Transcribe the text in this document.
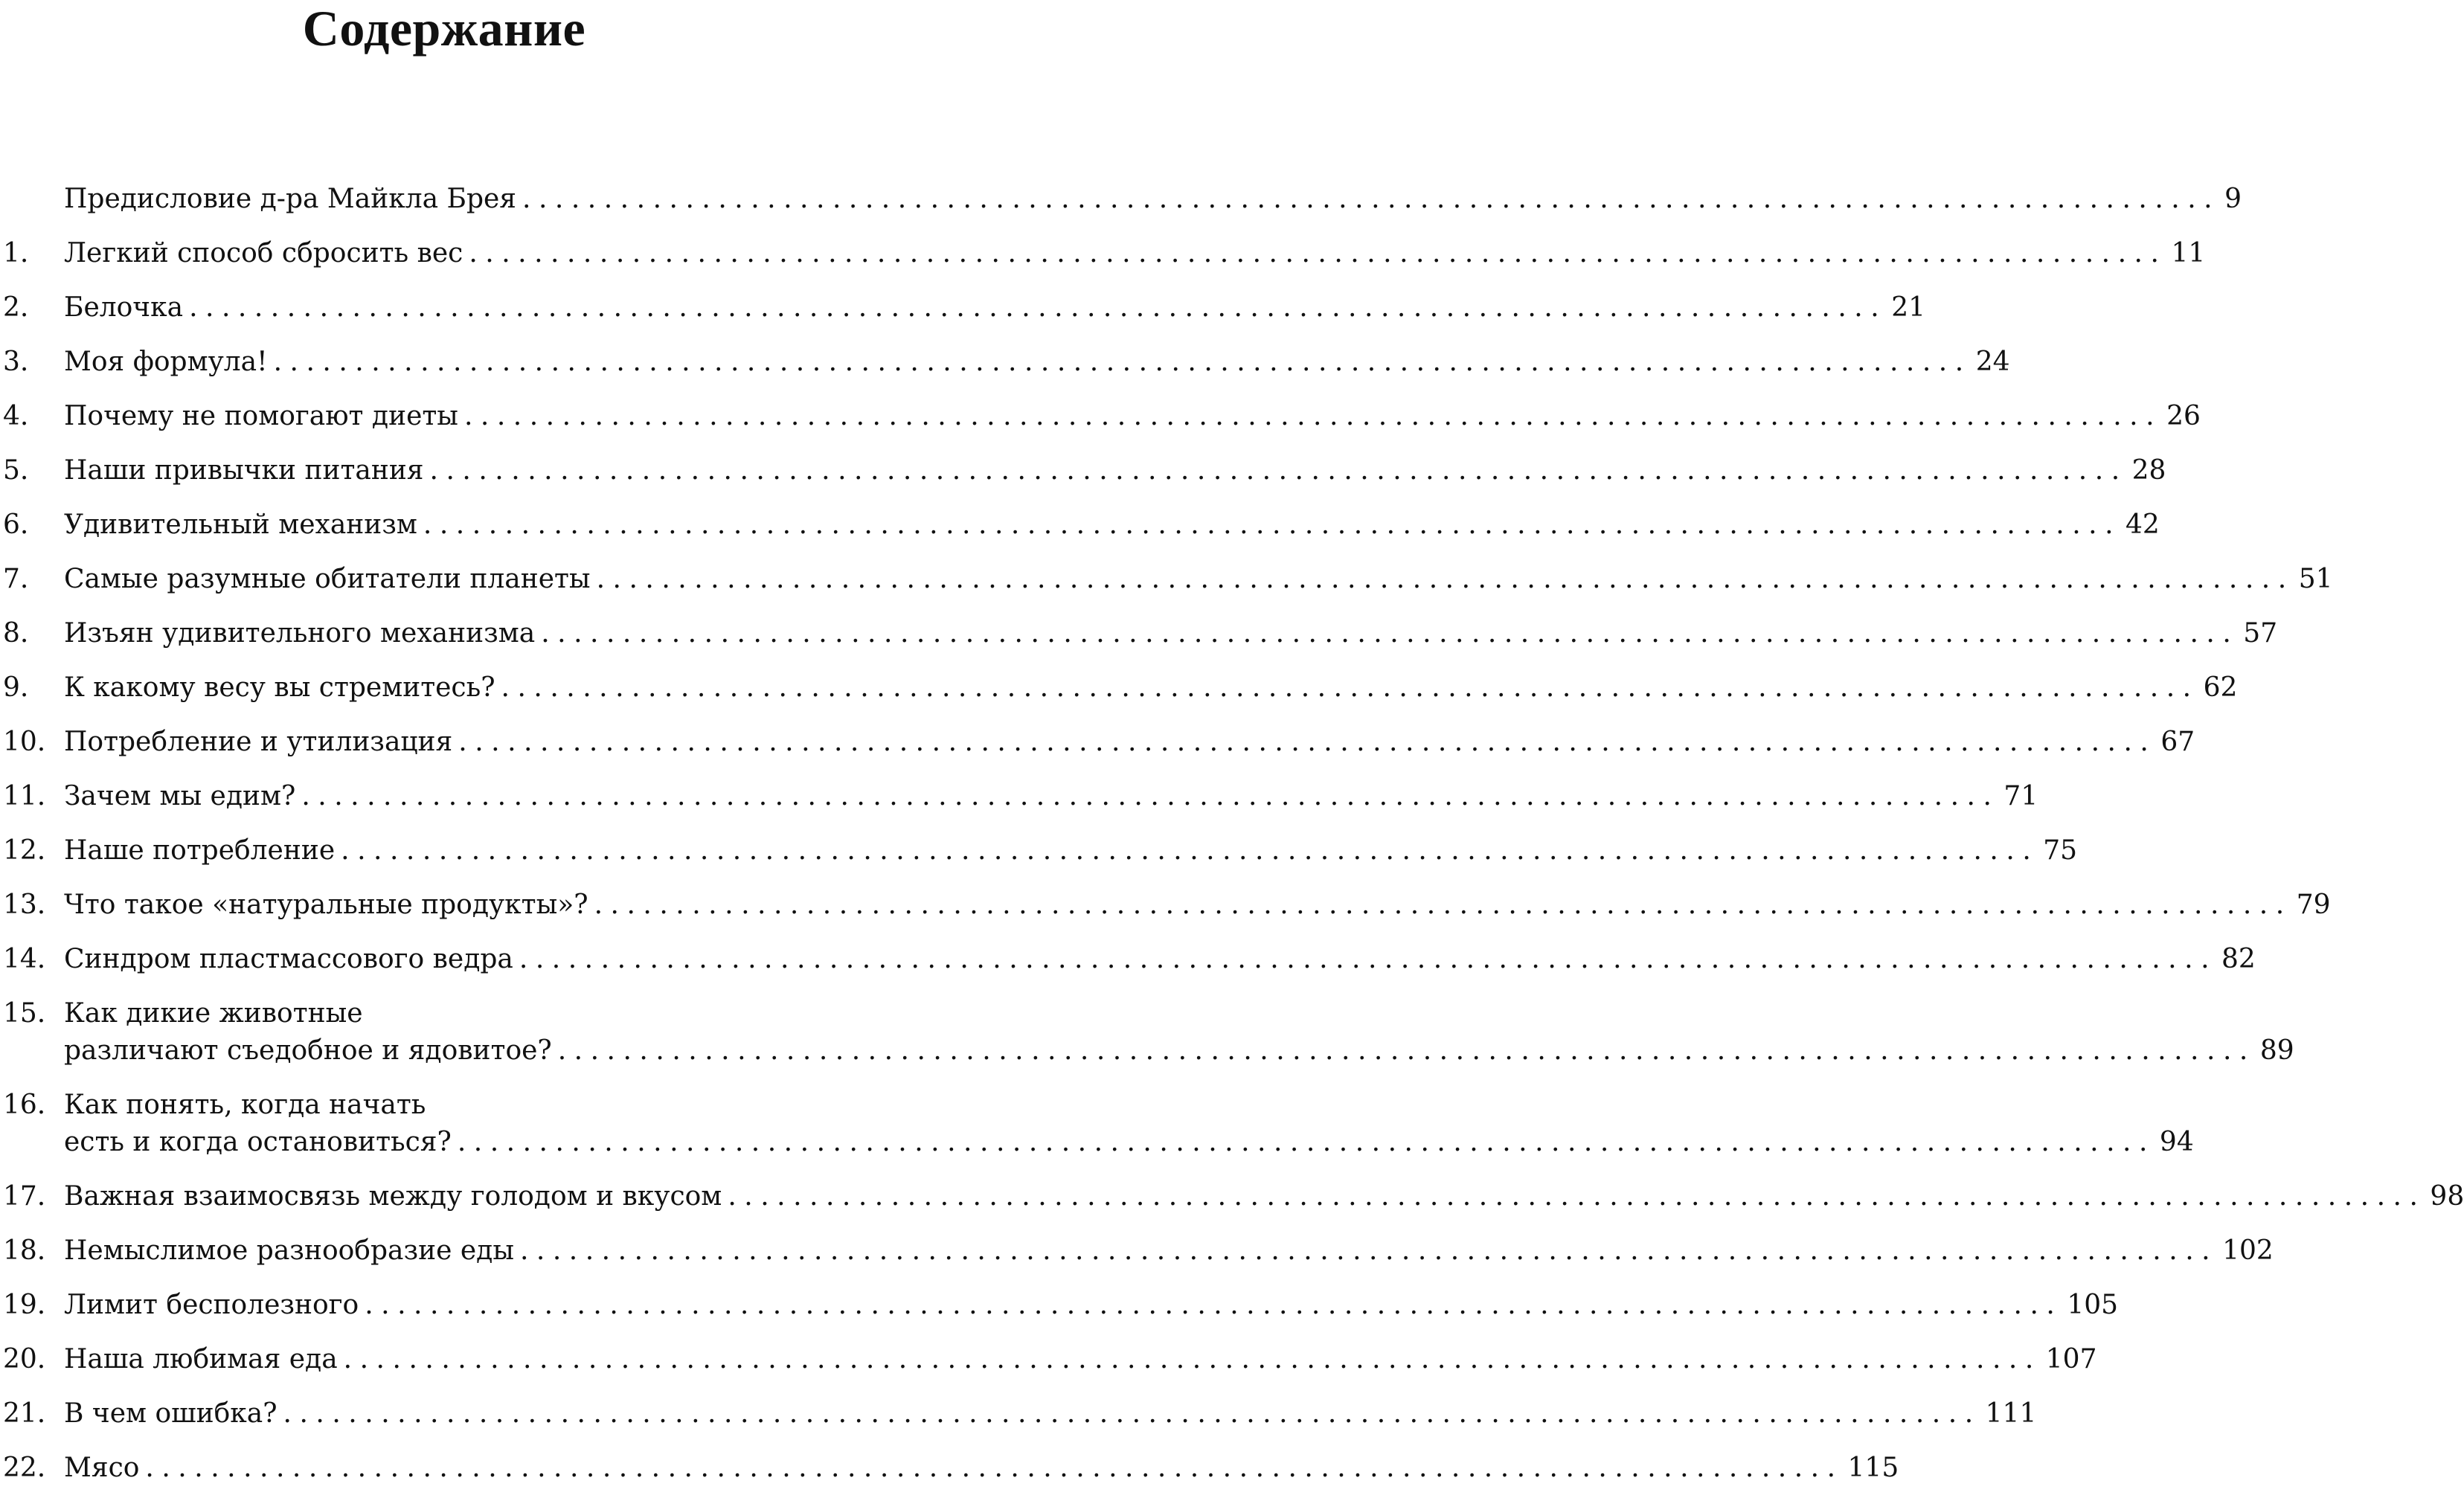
Содержание
Предисловие д-ра Майкла Брея ........................................................................................................ 9
1.	Легкий способ сбросить вес ........................................................................................................ 11
2.	Белочка ........................................................................................................ 21
3.	Моя формула! ........................................................................................................ 24
4.	Почему не помогают диеты ........................................................................................................ 26
5.	Наши привычки питания ........................................................................................................ 28
6.	Удивительный механизм ........................................................................................................ 42
7.	Самые разумные обитатели планеты ........................................................................................................ 51
8.	Изъян удивительного механизма ........................................................................................................ 57
9.	К какому весу вы стремитесь? ........................................................................................................ 62
10. Потребление и утилизация ........................................................................................................ 67
11. Зачем мы едим? ........................................................................................................ 71
12. Наше потребление ........................................................................................................ 75
13. Что такое «натуральные продукты»? ........................................................................................................ 79
14. Синдром пластмассового ведра ........................................................................................................ 82
15. Как дикие животные
различают съедобное и ядовитое? ........................................................................................................ 89
16. Как понять, когда начать
есть и когда остановиться? ........................................................................................................ 94
17. Важная взаимосвязь между голодом и вкусом ........................................................................................................ 98
18. Немыслимое разнообразие еды ........................................................................................................ 102
19. Лимит бесполезного ........................................................................................................ 105
20. Наша любимая еда ........................................................................................................ 107
21. В чем ошибка? ........................................................................................................ 111
22. Мясо ........................................................................................................ 115
